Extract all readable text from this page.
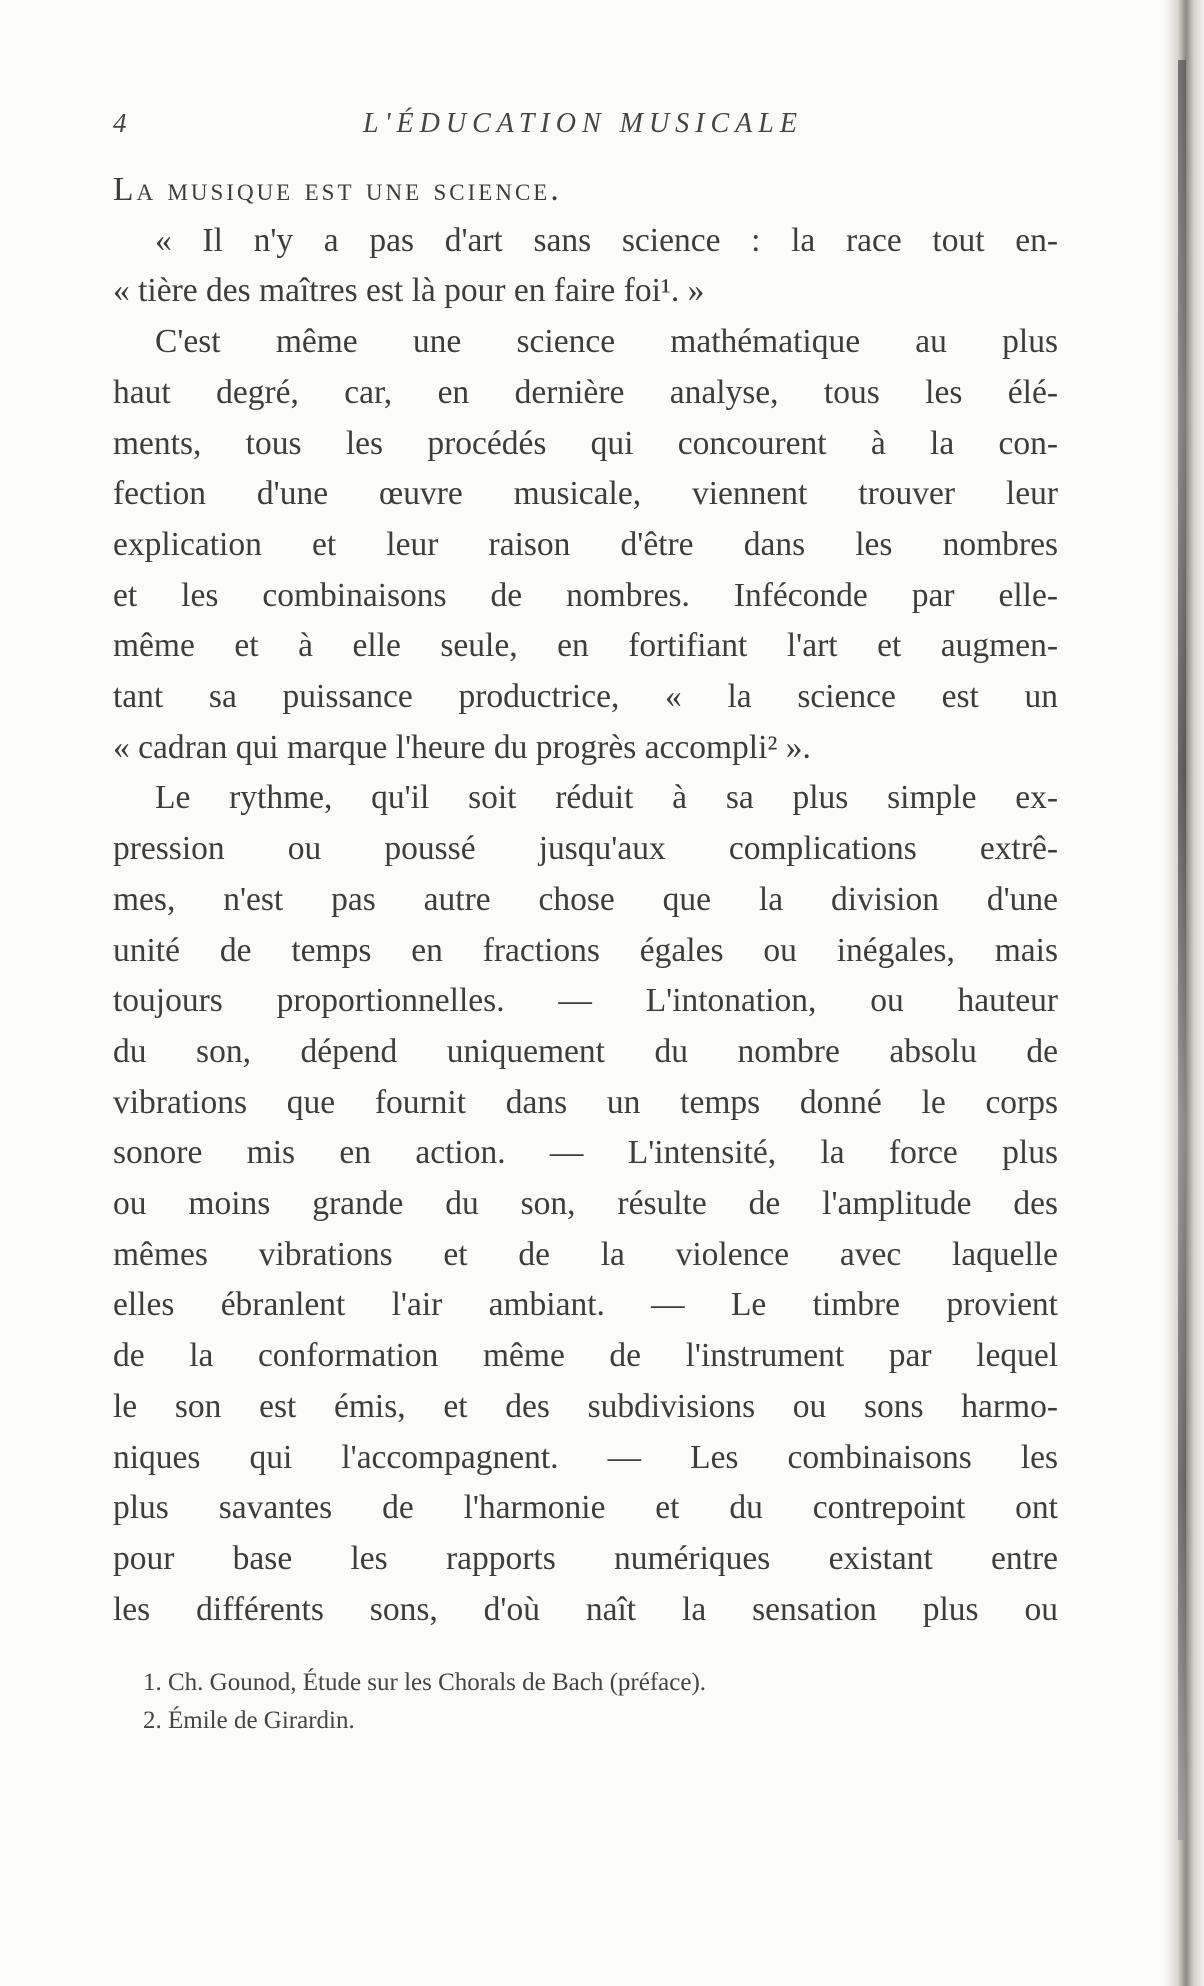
4	L'ÉDUCATION MUSICALE
La musique est une science.
« Il n'y a pas d'art sans science : la race tout en-
« tière des maîtres est là pour en faire foi¹. »
C'est même une science mathématique au plus
haut degré, car, en dernière analyse, tous les élé-
ments, tous les procédés qui concourent à la con-
fection d'une œuvre musicale, viennent trouver leur
explication et leur raison d'être dans les nombres
et les combinaisons de nombres. Inféconde par elle-
même et à elle seule, en fortifiant l'art et augmen-
tant sa puissance productrice, « la science est un
« cadran qui marque l'heure du progrès accompli² ».
Le rythme, qu'il soit réduit à sa plus simple ex-
pression ou poussé jusqu'aux complications extrê-
mes, n'est pas autre chose que la division d'une
unité de temps en fractions égales ou inégales, mais
toujours proportionnelles. — L'intonation, ou hauteur
du son, dépend uniquement du nombre absolu de
vibrations que fournit dans un temps donné le corps
sonore mis en action. — L'intensité, la force plus
ou moins grande du son, résulte de l'amplitude des
mêmes vibrations et de la violence avec laquelle
elles ébranlent l'air ambiant. — Le timbre provient
de la conformation même de l'instrument par lequel
le son est émis, et des subdivisions ou sons harmo-
niques qui l'accompagnent. — Les combinaisons les
plus savantes de l'harmonie et du contrepoint ont
pour base les rapports numériques existant entre
les différents sons, d'où naît la sensation plus ou
1. Ch. Gounod, Étude sur les Chorals de Bach (préface).
2. Émile de Girardin.
